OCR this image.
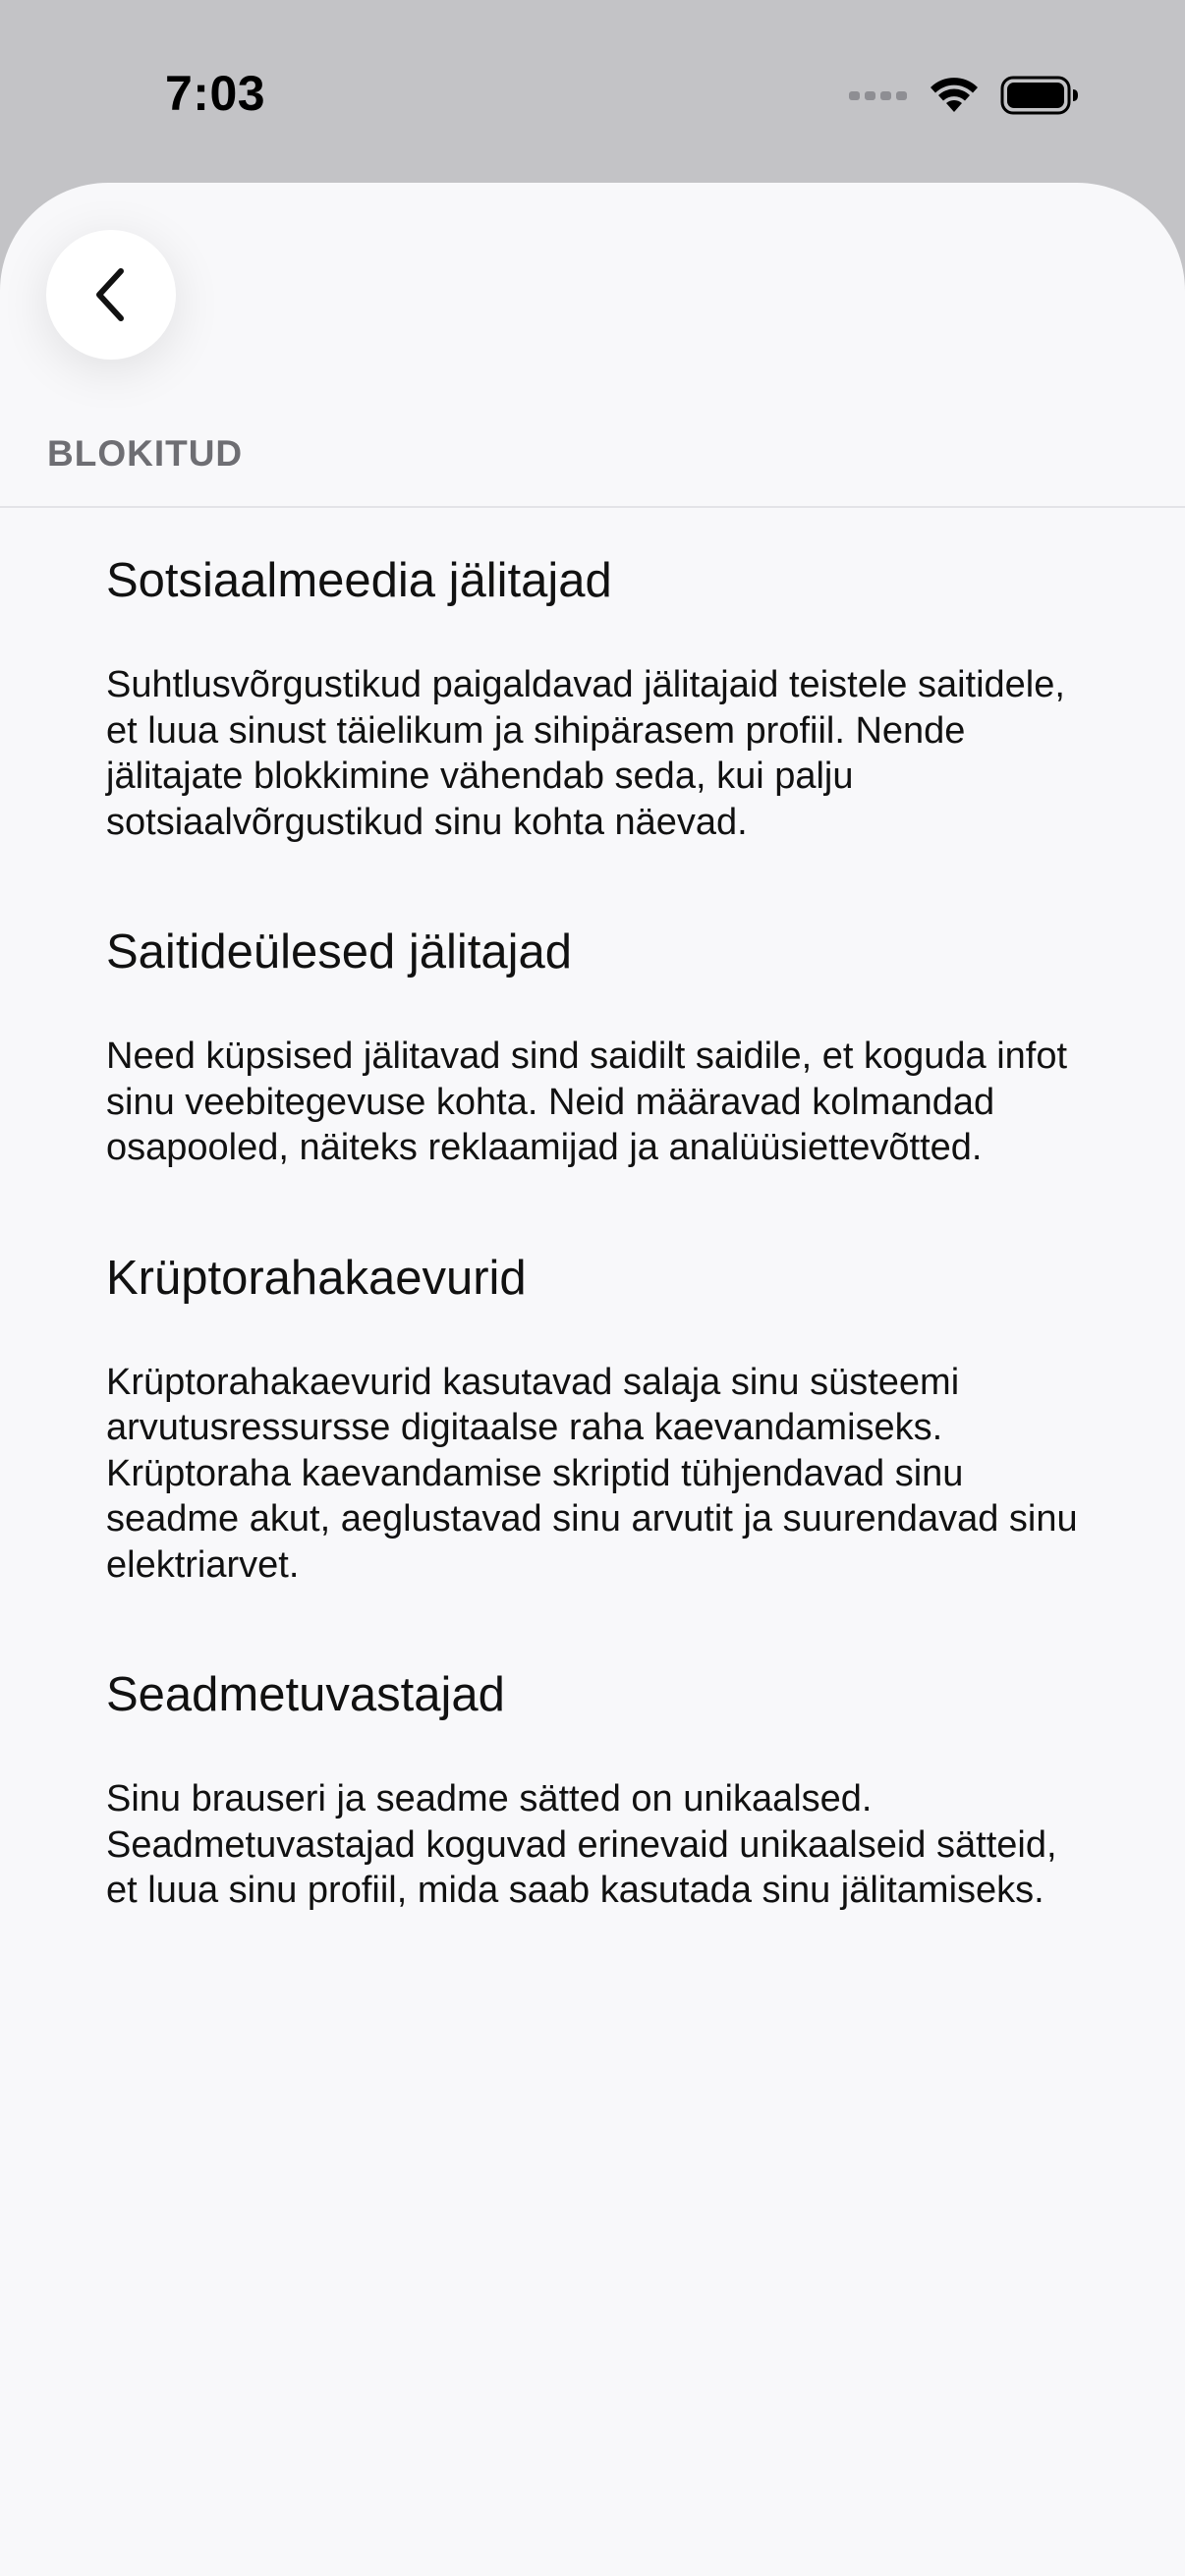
7:03
BLOKITUD
Sotsiaalmeedia jälitajad

Suhtlusvõrgustikud paigaldavad jälitajaid teistele saitidele, et luua sinust täielikum ja sihipärasem profiil. Nende jälitajate blokkimine vähendab seda, kui palju sotsiaalvõrgustikud sinu kohta näevad.

Saitideülesed jälitajad

Need küpsised jälitavad sind saidilt saidile, et koguda infot sinu veebitegevuse kohta. Neid määravad kolmandad osapooled, näiteks reklaamijad ja analüüsiettevõtted.

Krüptorahakaevurid

Krüptorahakaevurid kasutavad salaja sinu süsteemi arvutusressursse digitaalse raha kaevandamiseks. Krüptoraha kaevandamise skriptid tühjendavad sinu seadme akut, aeglustavad sinu arvutit ja suurendavad sinu elektriarvet.

Seadmetuvastajad

Sinu brauseri ja seadme sätted on unikaalsed. Seadmetuvastajad koguvad erinevaid unikaalseid sätteid, et luua sinu profiil, mida saab kasutada sinu jälitamiseks.
